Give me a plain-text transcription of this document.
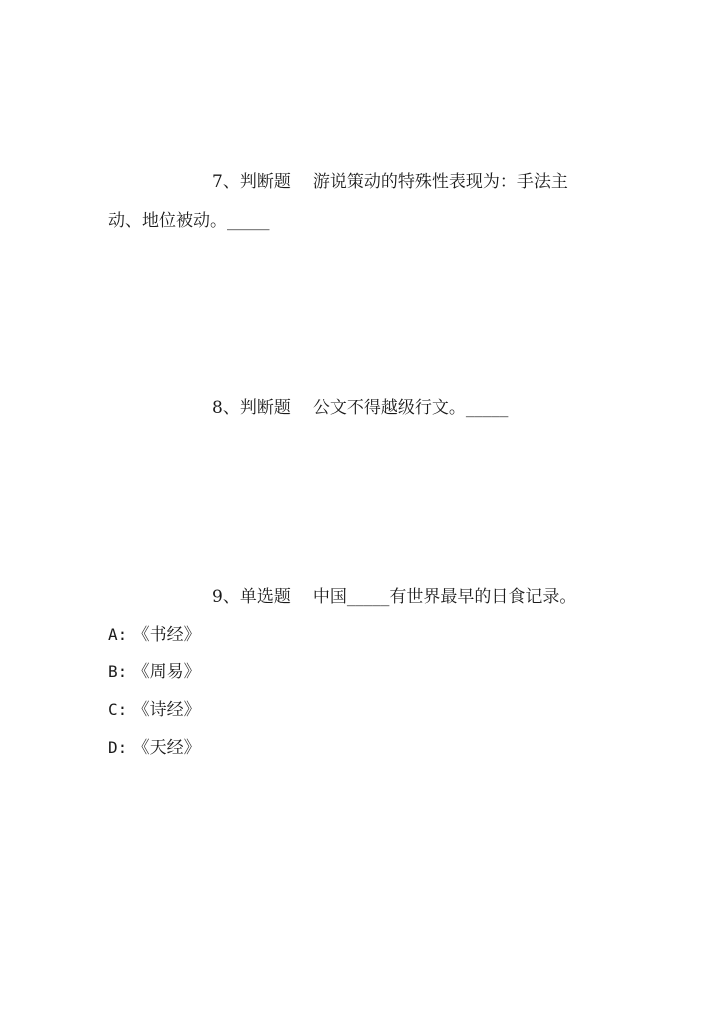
7、判断题 游说策动的特殊性表现为：手法主
动、地位被动。_____
8、判断题 公文不得越级行文。_____
9、单选题 中国_____有世界最早的日食记录。
A: 《书经》
B: 《周易》
C: 《诗经》
D: 《天经》
